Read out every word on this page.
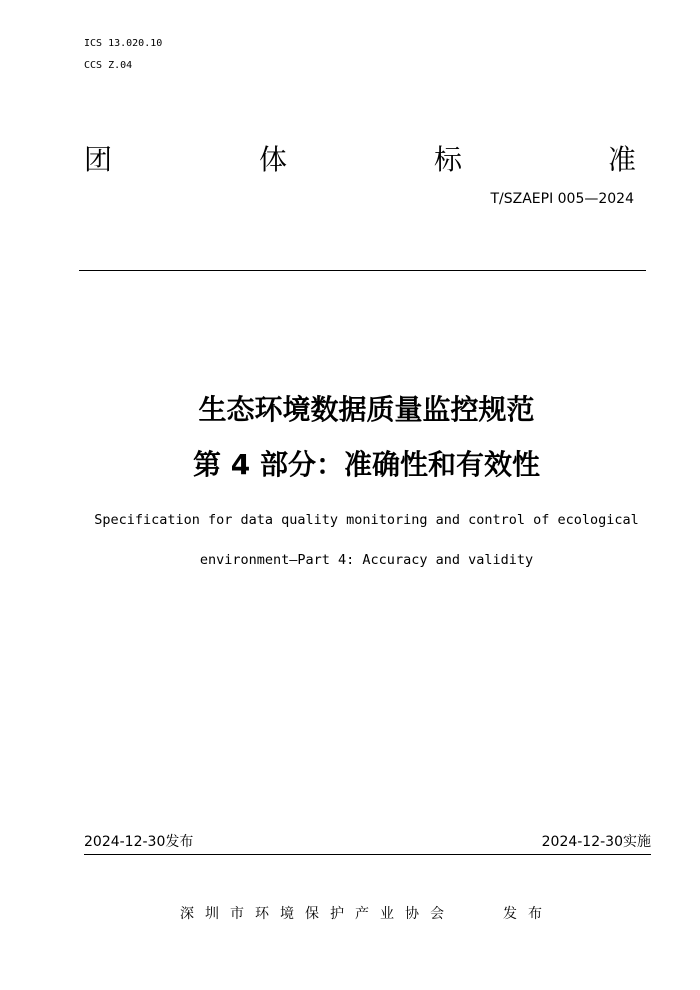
ICS 13.020.10
CCS Z.04
团	体	标	准
T/SZAEPI 005—2024
生态环境数据质量监控规范
第 4 部分：准确性和有效性
Specification for data quality monitoring and control of ecological
environment—Part 4: Accuracy and validity
2024-12-30发布	2024-12-30实施
深圳市环境保护产业协会	发布
